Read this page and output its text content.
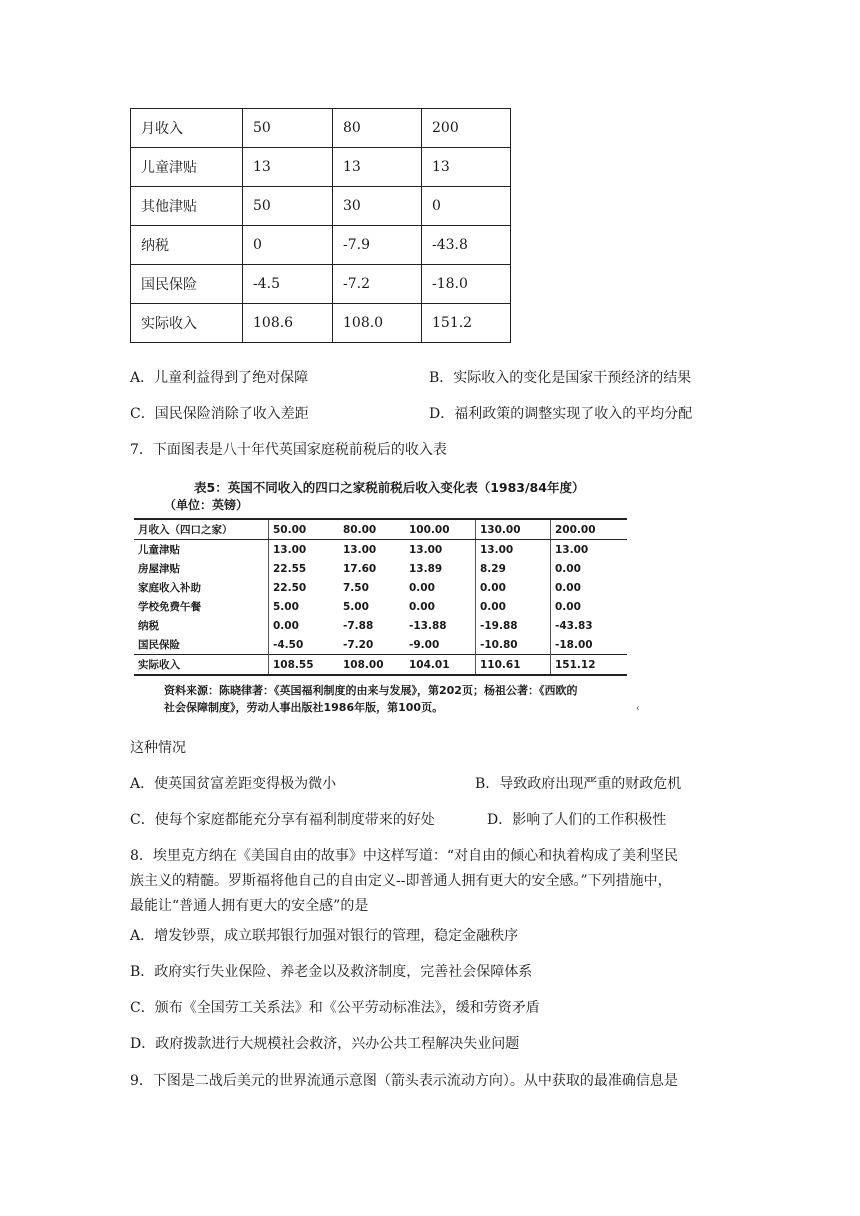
月收入	50	80	200
儿童津贴	13	13	13
其他津贴	50	30	0
纳税	0	-7.9	-43.8
国民保险	-4.5	-7.2	-18.0
实际收入	108.6	108.0	151.2
A．儿童利益得到了绝对保障	B．实际收入的变化是国家干预经济的结果
C．国民保险消除了收入差距	D．福利政策的调整实现了收入的平均分配
7．下面图表是八十年代英国家庭税前税后的收入表
表5：英国不同收入的四口之家税前税后收入变化表（1983/84年度）
（单位：英镑）
月收入（四口之家）	50.00	80.00	100.00	130.00	200.00
儿童津贴	13.00	13.00	13.00	13.00	13.00
房屋津贴	22.55	17.60	13.89	8.29	0.00
家庭收入补助	22.50	7.50	0.00	0.00	0.00
学校免费午餐	5.00	5.00	0.00	0.00	0.00
纳税	0.00	-7.88	-13.88	-19.88	-43.83
国民保险	-4.50	-7.20	-9.00	-10.80	-18.00
实际收入	108.55	108.00	104.01	110.61	151.12
资料来源：陈晓律著：《英国福利制度的由来与发展》，第202页；杨祖公著：《西欧的
社会保障制度》，劳动人事出版社1986年版，第100页。	‹
这种情况
A．使英国贫富差距变得极为微小	B．导致政府出现严重的财政危机
C．使每个家庭都能充分享有福利制度带来的好处	D．影响了人们的工作积极性
8．埃里克方纳在《美国自由的故事》中这样写道：“对自由的倾心和执着构成了美利坚民
族主义的精髓。罗斯福将他自己的自由定义--即普通人拥有更大的安全感。”下列措施中，
最能让“普通人拥有更大的安全感”的是
A．增发钞票，成立联邦银行加强对银行的管理，稳定金融秩序
B．政府实行失业保险、养老金以及救济制度，完善社会保障体系
C．颁布《全国劳工关系法》和《公平劳动标准法》，缓和劳资矛盾
D．政府拨款进行大规模社会救济，兴办公共工程解决失业问题
9．下图是二战后美元的世界流通示意图（箭头表示流动方向）。从中获取的最准确信息是
